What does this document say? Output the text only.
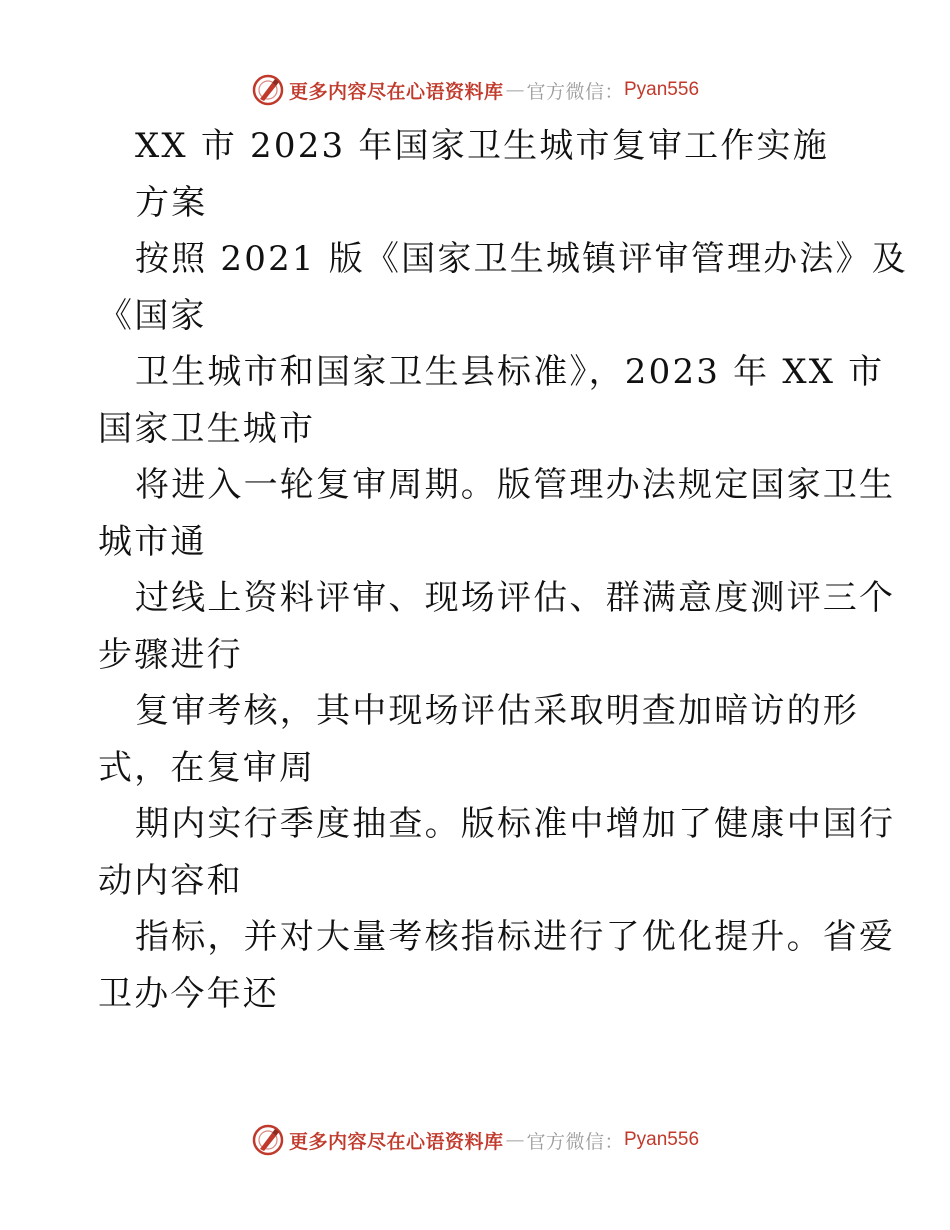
更多内容尽在心语资料库 — 官方微信： Pyan556
XX 市 2023 年国家卫生城市复审工作实施
方案
按照 2021 版《国家卫生城镇评审管理办法》及
《国家
卫生城市和国家卫生县标准》，2023 年 XX 市
国家卫生城市
将进入一轮复审周期。版管理办法规定国家卫生
城市通
过线上资料评审、现场评估、群满意度测评三个
步骤进行
复审考核，其中现场评估采取明查加暗访的形
式，在复审周
期内实行季度抽查。版标准中增加了健康中国行
动内容和
指标，并对大量考核指标进行了优化提升。省爱
卫办今年还
更多内容尽在心语资料库 — 官方微信： Pyan556
